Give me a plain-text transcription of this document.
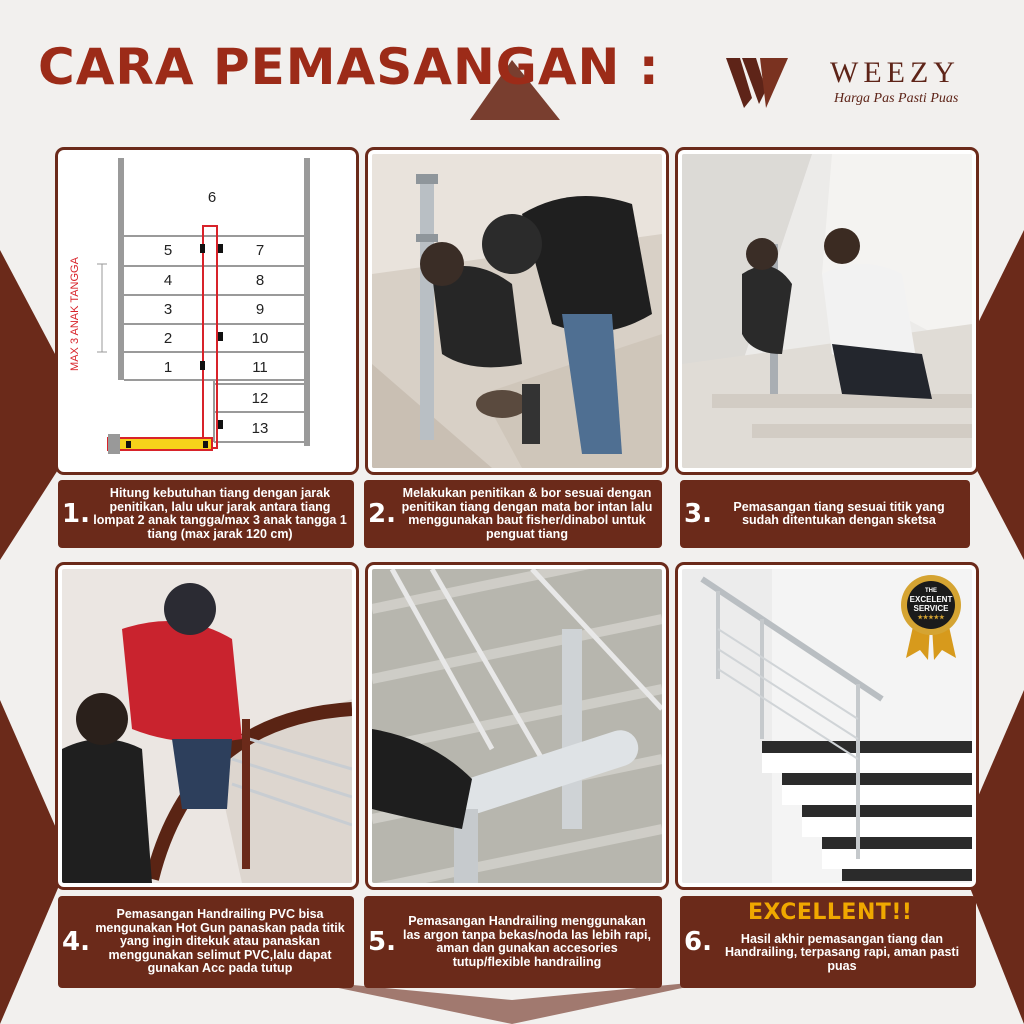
CARA PEMASANGAN :	WEEZY
Harga Pas Pasti Puas
MAX 3 ANAK TANGGA
6
5
4
3
2
1
7
8
9
10
11
12
13
THE
EXCELENT
SERVICE
★★★★★
1.
Hitung kebutuhan tiang dengan jarak penitikan, lalu ukur jarak antara tiang lompat 2 anak tangga/max 3 anak tangga 1 tiang (max jarak 120 cm)
2.
Melakukan penitikan & bor sesuai dengan penitikan tiang dengan mata bor intan lalu menggunakan baut fisher/dinabol untuk penguat tiang
3.	Pemasangan tiang sesuai titik yang sudah ditentukan dengan sketsa
4.
Pemasangan Handrailing PVC bisa mengunakan Hot Gun panaskan pada titik yang ingin ditekuk atau panaskan menggunakan selimut PVC,lalu dapat gunakan Acc pada tutup
5.
Pemasangan Handrailing menggunakan las argon tanpa bekas/noda las lebih rapi, aman dan gunakan accesories tutup/flexible handrailing
6.	Hasil akhir pemasangan tiang dan Handrailing, terpasang rapi, aman pasti puas
EXCELLENT!!
